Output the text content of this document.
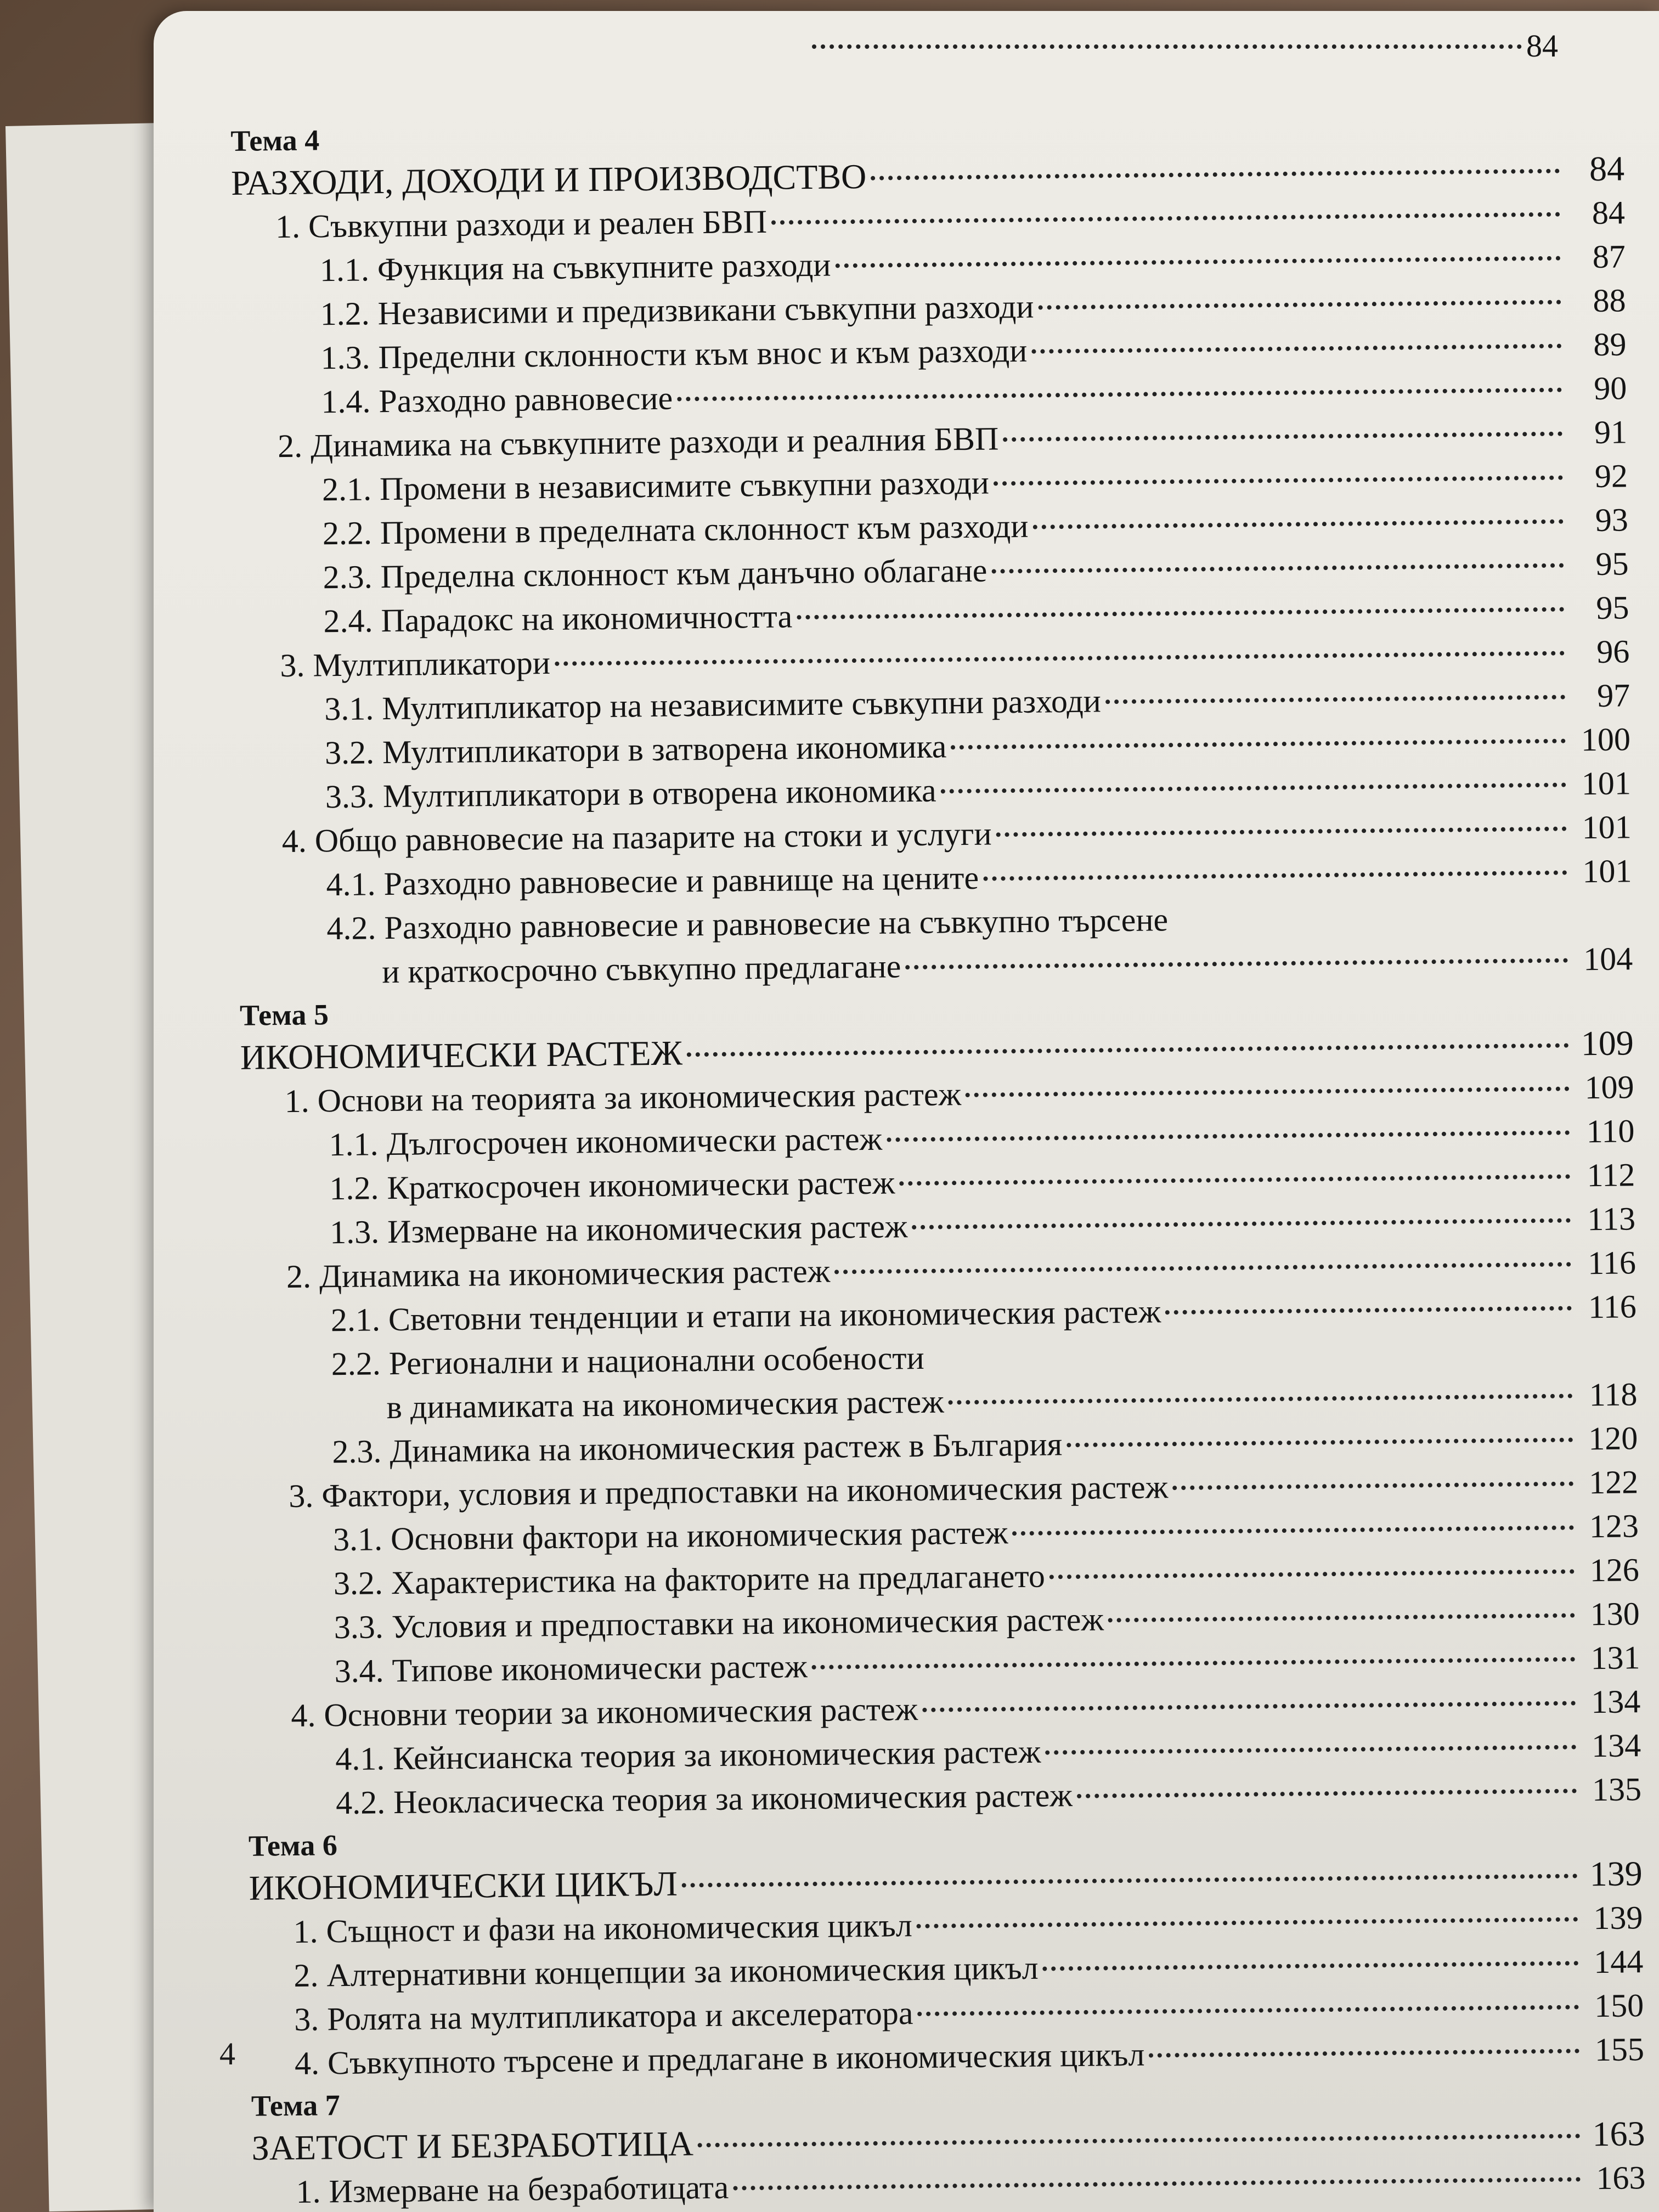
84
Тема 4
РАЗХОДИ, ДОХОДИ И ПРОИЗВОДСТВО	84
1. Съвкупни разходи и реален БВП	84
1.1. Функция на съвкупните разходи	87
1.2. Независими и предизвикани съвкупни разходи	88
1.3. Пределни склонности към внос и към разходи	89
1.4. Разходно равновесие	90
2. Динамика на съвкупните разходи и реалния БВП	91
2.1. Промени в независимите съвкупни разходи	92
2.2. Промени в пределната склонност към разходи	93
2.3. Пределна склонност към данъчно облагане	95
2.4. Парадокс на икономичността	95
3. Мултипликатори	96
3.1. Мултипликатор на независимите съвкупни разходи	97
3.2. Мултипликатори в затворена икономика	100
3.3. Мултипликатори в отворена икономика	101
4. Общо равновесие на пазарите на стоки и услуги	101
4.1. Разходно равновесие и равнище на цените	101
4.2. Разходно равновесие и равновесие на съвкупно търсене
и краткосрочно съвкупно предлагане	104
Тема 5
ИКОНОМИЧЕСКИ РАСТЕЖ	109
1. Основи на теорията за икономическия растеж	109
1.1. Дългосрочен икономически растеж	110
1.2. Краткосрочен икономически растеж	112
1.3. Измерване на икономическия растеж	113
2. Динамика на икономическия растеж	116
2.1. Световни тенденции и етапи на икономическия растеж	116
2.2. Регионални и национални особености
в динамиката на икономическия растеж	118
2.3. Динамика на икономическия растеж в България	120
3. Фактори, условия и предпоставки на икономическия растеж	122
3.1. Основни фактори на икономическия растеж	123
3.2. Характеристика на факторите на предлагането	126
3.3. Условия и предпоставки на икономическия растеж	130
3.4. Типове икономически растеж	131
4. Основни теории за икономическия растеж	134
4.1. Кейнсианска теория за икономическия растеж	134
4.2. Неокласическа теория за икономическия растеж	135
Тема 6
ИКОНОМИЧЕСКИ ЦИКЪЛ	139
1. Същност и фази на икономическия цикъл	139
2. Алтернативни концепции за икономическия цикъл	144
3. Ролята на мултипликатора и акселератора	150
4. Съвкупното търсене и предлагане в икономическия цикъл	155
Тема 7
ЗАЕТОСТ И БЕЗРАБОТИЦА	163
1. Измерване на безработицата	163
4
